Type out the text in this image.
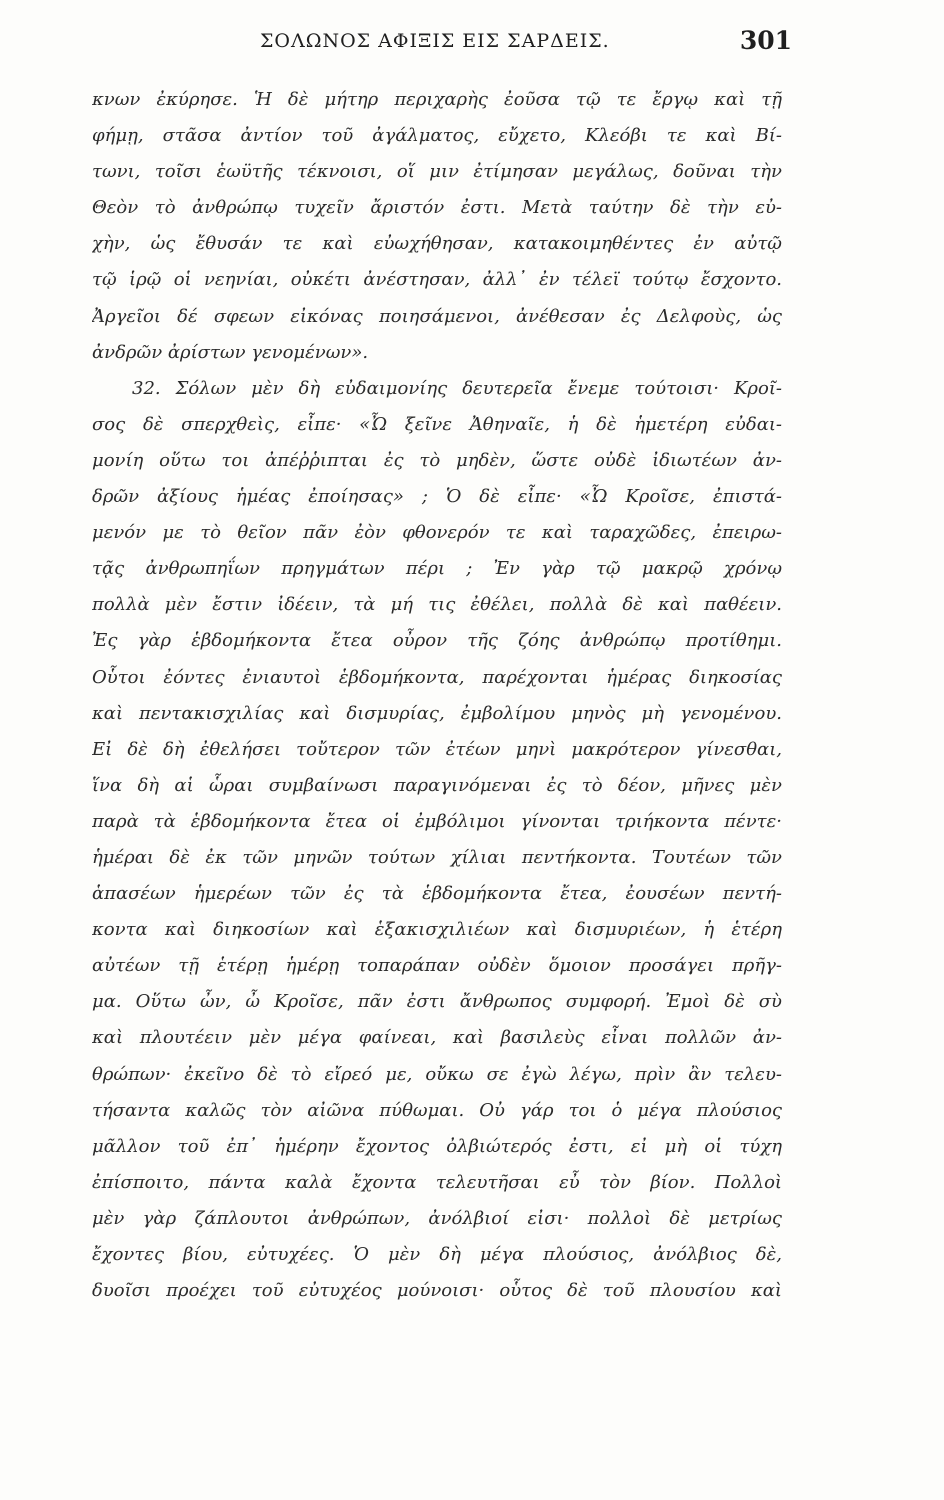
ΣΟΛΩΝΟΣ ΑΦΙΞΙΣ ΕΙΣ ΣΑΡΔΕΙΣ.	301
κνων ἐκύρησε. Ἡ δὲ μήτηρ περιχαρὴς ἐοῦσα τῷ τε ἔργῳ καὶ τῇ
φήμῃ, στᾶσα ἀντίον τοῦ ἀγάλματος, εὔχετο, Κλεόβι τε καὶ Βί-
τωνι, τοῖσι ἑωϋτῆς τέκνοισι, οἵ μιν ἐτίμησαν μεγάλως, δοῦναι τὴν
Θεὸν τὸ ἀνθρώπῳ τυχεῖν ἄριστόν ἐστι. Μετὰ ταύτην δὲ τὴν εὐ-
χὴν, ὡς ἔθυσάν τε καὶ εὐωχήθησαν, κατακοιμηθέντες ἐν αὐτῷ
τῷ ἱρῷ οἱ νεηνίαι, οὐκέτι ἀνέστησαν, ἀλλ᾽ ἐν τέλεϊ τούτῳ ἔσχοντο.
Ἀργεῖοι δέ σφεων εἰκόνας ποιησάμενοι, ἀνέθεσαν ἐς Δελφοὺς, ὡς
ἀνδρῶν ἀρίστων γενομένων».
32. Σόλων μὲν δὴ εὐδαιμονίης δευτερεῖα ἔνεμε τούτοισι· Κροῖ-
σος δὲ σπερχθεὶς, εἶπε· «Ὦ ξεῖνε Ἀθηναῖε, ἡ δὲ ἡμετέρη εὐδαι-
μονίη οὕτω τοι ἀπέῤῥιπται ἐς τὸ μηδὲν, ὥστε οὐδὲ ἰδιωτέων ἀν-
δρῶν ἀξίους ἡμέας ἐποίησας» ; Ὁ δὲ εἶπε· «Ὦ Κροῖσε, ἐπιστά-
μενόν με τὸ θεῖον πᾶν ἐὸν φθονερόν τε καὶ ταραχῶδες, ἐπειρω-
τᾷς ἀνθρωπηΐων πρηγμάτων πέρι ; Ἐν γὰρ τῷ μακρῷ χρόνῳ
πολλὰ μὲν ἔστιν ἰδέειν, τὰ μή τις ἐθέλει, πολλὰ δὲ καὶ παθέειν.
Ἐς γὰρ ἑβδομήκοντα ἔτεα οὖρον τῆς ζόης ἀνθρώπῳ προτίθημι.
Οὗτοι ἐόντες ἐνιαυτοὶ ἑβδομήκοντα, παρέχονται ἡμέρας διηκοσίας
καὶ πεντακισχιλίας καὶ δισμυρίας, ἐμβολίμου μηνὸς μὴ γενομένου.
Εἰ δὲ δὴ ἐθελήσει τοὔτερον τῶν ἐτέων μηνὶ μακρότερον γίνεσθαι,
ἵνα δὴ αἱ ὧραι συμβαίνωσι παραγινόμεναι ἐς τὸ δέον, μῆνες μὲν
παρὰ τὰ ἑβδομήκοντα ἔτεα οἱ ἐμβόλιμοι γίνονται τριήκοντα πέντε·
ἡμέραι δὲ ἐκ τῶν μηνῶν τούτων χίλιαι πεντήκοντα. Τουτέων τῶν
ἁπασέων ἡμερέων τῶν ἐς τὰ ἑβδομήκοντα ἔτεα, ἐουσέων πεντή-
κοντα καὶ διηκοσίων καὶ ἑξακισχιλιέων καὶ δισμυριέων, ἡ ἑτέρη
αὐτέων τῇ ἑτέρῃ ἡμέρῃ τοπαράπαν οὐδὲν ὅμοιον προσάγει πρῆγ-
μα. Οὕτω ὦν, ὦ Κροῖσε, πᾶν ἐστι ἄνθρωπος συμφορή. Ἐμοὶ δὲ σὺ
καὶ πλουτέειν μὲν μέγα φαίνεαι, καὶ βασιλεὺς εἶναι πολλῶν ἀν-
θρώπων· ἐκεῖνο δὲ τὸ εἴρεό με, οὔκω σε ἐγὼ λέγω, πρὶν ἂν τελευ-
τήσαντα καλῶς τὸν αἰῶνα πύθωμαι. Οὐ γάρ τοι ὁ μέγα πλούσιος
μᾶλλον τοῦ ἐπ᾽ ἡμέρην ἔχοντος ὀλβιώτερός ἐστι, εἰ μὴ οἱ τύχη
ἐπίσποιτο, πάντα καλὰ ἔχοντα τελευτῆσαι εὖ τὸν βίον. Πολλοὶ
μὲν γὰρ ζάπλουτοι ἀνθρώπων, ἀνόλβιοί εἰσι· πολλοὶ δὲ μετρίως
ἔχοντες βίου, εὐτυχέες. Ὁ μὲν δὴ μέγα πλούσιος, ἀνόλβιος δὲ,
δυοῖσι προέχει τοῦ εὐτυχέος μούνοισι· οὗτος δὲ τοῦ πλουσίου καὶ
